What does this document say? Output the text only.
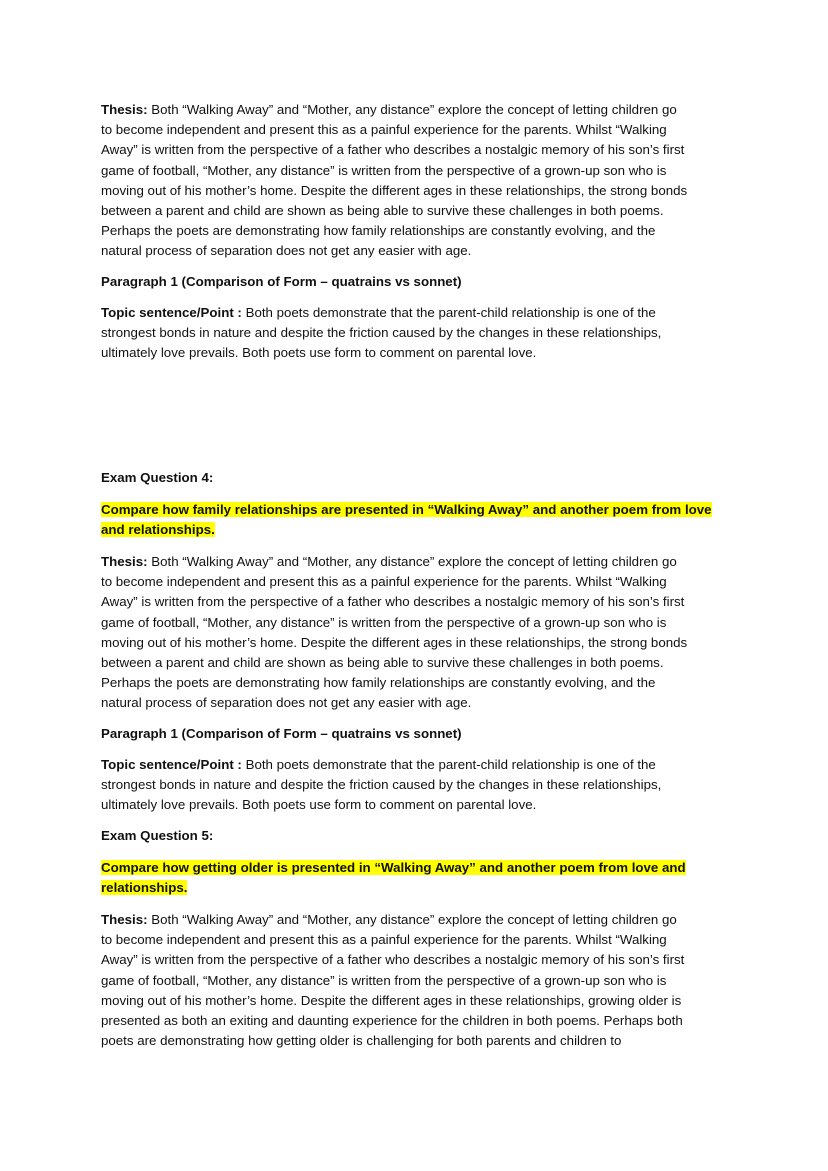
Thesis: Both “Walking Away” and “Mother, any distance” explore the concept of letting children go
to become independent and present this as a painful experience for the parents. Whilst “Walking
Away” is written from the perspective of a father who describes a nostalgic memory of his son’s first
game of football, “Mother, any distance” is written from the perspective of a grown-up son who is
moving out of his mother’s home. Despite the different ages in these relationships, the strong bonds
between a parent and child are shown as being able to survive these challenges in both poems.
Perhaps the poets are demonstrating how family relationships are constantly evolving, and the
natural process of separation does not get any easier with age.
Paragraph 1 (Comparison of Form – quatrains vs sonnet)
Topic sentence/Point : Both poets demonstrate that the parent-child relationship is one of the
strongest bonds in nature and despite the friction caused by the changes in these relationships,
ultimately love prevails. Both poets use form to comment on parental love.
Exam Question 4:
Compare how family relationships are presented in “Walking Away” and another poem from love
and relationships.
Thesis: Both “Walking Away” and “Mother, any distance” explore the concept of letting children go
to become independent and present this as a painful experience for the parents. Whilst “Walking
Away” is written from the perspective of a father who describes a nostalgic memory of his son’s first
game of football, “Mother, any distance” is written from the perspective of a grown-up son who is
moving out of his mother’s home. Despite the different ages in these relationships, the strong bonds
between a parent and child are shown as being able to survive these challenges in both poems.
Perhaps the poets are demonstrating how family relationships are constantly evolving, and the
natural process of separation does not get any easier with age.
Paragraph 1 (Comparison of Form – quatrains vs sonnet)
Topic sentence/Point : Both poets demonstrate that the parent-child relationship is one of the
strongest bonds in nature and despite the friction caused by the changes in these relationships,
ultimately love prevails. Both poets use form to comment on parental love.
Exam Question 5:
Compare how getting older is presented in “Walking Away” and another poem from love and
relationships.
Thesis: Both “Walking Away” and “Mother, any distance” explore the concept of letting children go
to become independent and present this as a painful experience for the parents. Whilst “Walking
Away” is written from the perspective of a father who describes a nostalgic memory of his son’s first
game of football, “Mother, any distance” is written from the perspective of a grown-up son who is
moving out of his mother’s home. Despite the different ages in these relationships, growing older is
presented as both an exiting and daunting experience for the children in both poems. Perhaps both
poets are demonstrating how getting older is challenging for both parents and children to
